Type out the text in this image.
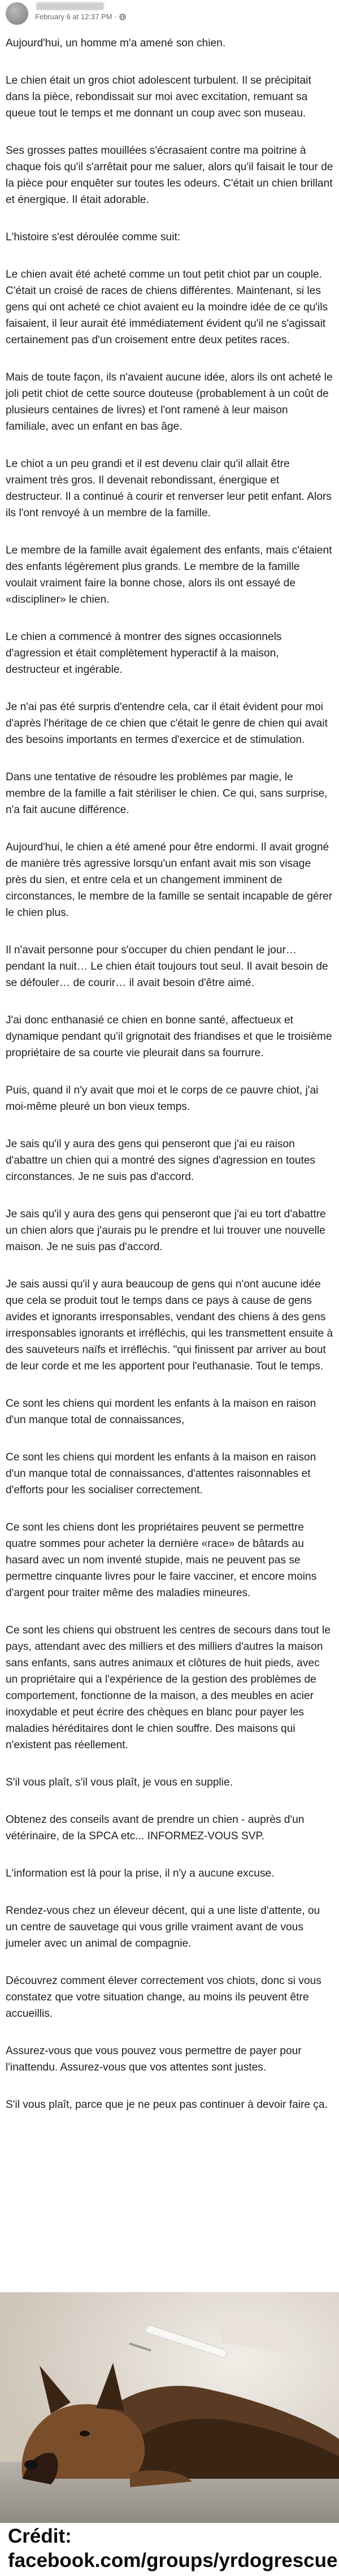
February 6 at 12:37 PM ·

Aujourd'hui, un homme m'a amené son chien.

Le chien était un gros chiot adolescent turbulent. Il se précipitait dans la pièce, rebondissait sur moi avec excitation, remuant sa queue tout le temps et me donnant un coup avec son museau.

Ses grosses pattes mouillées s'écrasaient contre ma poitrine à chaque fois qu'il s'arrêtait pour me saluer, alors qu'il faisait le tour de la pièce pour enquêter sur toutes les odeurs. C'était un chien brillant et énergique. Il était adorable.

L'histoire s'est déroulée comme suit:

Le chien avait été acheté comme un tout petit chiot par un couple. C'était un croisé de races de chiens différentes. Maintenant, si les gens qui ont acheté ce chiot avaient eu la moindre idée de ce qu'ils faisaient, il leur aurait été immédiatement évident qu'il ne s'agissait certainement pas d'un croisement entre deux petites races.

Mais de toute façon, ils n'avaient aucune idée, alors ils ont acheté le joli petit chiot de cette source douteuse (probablement à un coût de plusieurs centaines de livres) et l'ont ramené à leur maison familiale, avec un enfant en bas âge.

Le chiot a un peu grandi et il est devenu clair qu'il allait être vraiment très gros. Il devenait rebondissant, énergique et destructeur. Il a continué à courir et renverser leur petit enfant. Alors ils l'ont renvoyé à un membre de la famille.

Le membre de la famille avait également des enfants, mais c'étaient des enfants légèrement plus grands. Le membre de la famille voulait vraiment faire la bonne chose, alors ils ont essayé de «discipliner» le chien.

Le chien a commencé à montrer des signes occasionnels d'agression et était complètement hyperactif à la maison, destructeur et ingérable.

Je n'ai pas été surpris d'entendre cela, car il était évident pour moi d'après l'héritage de ce chien que c'était le genre de chien qui avait des besoins importants en termes d'exercice et de stimulation.

Dans une tentative de résoudre les problèmes par magie, le membre de la famille a fait stériliser le chien. Ce qui, sans surprise, n'a fait aucune différence.

Aujourd'hui, le chien a été amené pour être endormi. Il avait grogné de manière très agressive lorsqu'un enfant avait mis son visage près du sien, et entre cela et un changement imminent de circonstances, le membre de la famille se sentait incapable de gérer le chien plus.

Il n'avait personne pour s'occuper du chien pendant le jour… pendant la nuit… Le chien était toujours tout seul. Il avait besoin de se défouler… de courir… il avait besoin d'être aimé.

J'ai donc enthanasié ce chien en bonne santé, affectueux et dynamique pendant qu'il grignotait des friandises et que le troisième propriétaire de sa courte vie pleurait dans sa fourrure.

Puis, quand il n'y avait que moi et le corps de ce pauvre chiot, j'ai moi-même pleuré un bon vieux temps.

Je sais qu'il y aura des gens qui penseront que j'ai eu raison d'abattre un chien qui a montré des signes d'agression en toutes circonstances. Je ne suis pas d'accord.

Je sais qu'il y aura des gens qui penseront que j'ai eu tort d'abattre un chien alors que j'aurais pu le prendre et lui trouver une nouvelle maison. Je ne suis pas d'accord.

Je sais aussi qu'il y aura beaucoup de gens qui n'ont aucune idée que cela se produit tout le temps dans ce pays à cause de gens avides et ignorants irresponsables, vendant des chiens à des gens irresponsables ignorants et irréfléchis, qui les transmettent ensuite à des sauveteurs naïfs et irréfléchis. "qui finissent par arriver au bout de leur corde et me les apportent pour l'euthanasie. Tout le temps.

Ce sont les chiens qui mordent les enfants à la maison en raison d'un manque total de connaissances,

Ce sont les chiens qui mordent les enfants à la maison en raison d'un manque total de connaissances, d'attentes raisonnables et d'efforts pour les socialiser correctement.

Ce sont les chiens dont les propriétaires peuvent se permettre quatre sommes pour acheter la dernière «race» de bâtards au hasard avec un nom inventé stupide, mais ne peuvent pas se permettre cinquante livres pour le faire vacciner, et encore moins d'argent pour traiter même des maladies mineures.

Ce sont les chiens qui obstruent les centres de secours dans tout le pays, attendant avec des milliers et des milliers d'autres la maison sans enfants, sans autres animaux et clôtures de huit pieds, avec un propriétaire qui a l'expérience de la gestion des problèmes de comportement, fonctionne de la maison, a des meubles en acier inoxydable et peut écrire des chèques en blanc pour payer les maladies héréditaires dont le chien souffre. Des maisons qui n'existent pas réellement.

S'il vous plaît, s'il vous plaît, je vous en supplie.

Obtenez des conseils avant de prendre un chien - auprès d'un vétérinaire, de la SPCA etc... INFORMEZ-VOUS SVP.

L'information est là pour la prise, il n'y a aucune excuse.

Rendez-vous chez un éleveur décent, qui a une liste d'attente, ou un centre de sauvetage qui vous grille vraiment avant de vous jumeler avec un animal de compagnie.

Découvrez comment élever correctement vos chiots, donc si vous constatez que votre situation change, au moins ils peuvent être accueillis.

Assurez-vous que vous pouvez vous permettre de payer pour l'inattendu. Assurez-vous que vos attentes sont justes.

S'il vous plaît, parce que je ne peux pas continuer à devoir faire ça.

Crédit:
facebook.com/groups/yrdogrescue
